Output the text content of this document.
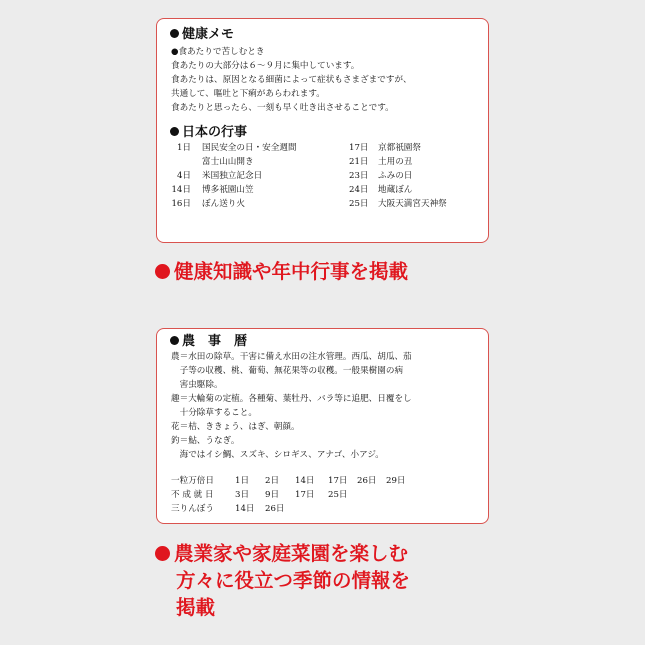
健康メモ
●食あたりで苦しむとき
食あたりの大部分は６～９月に集中しています。
食あたりは、原因となる細菌によって症状もさまざまですが、
共通して、嘔吐と下痢があらわれます。
食あたりと思ったら、一刻も早く吐き出させることです。
日本の行事
1日 国民安全の日・安全週間
富士山山開き
4日 米国独立記念日
14日 博多祇園山笠
16日 ぼん送り火
17日 京都祇園祭
21日 土用の丑
23日 ふみの日
24日 地蔵ぼん
25日 大阪天満宮天神祭
健康知識や年中行事を掲載
農　事　暦
農＝水田の除草。干害に備え水田の注水管理。西瓜、胡瓜、茄
　子等の収穫、桃、葡萄、無花果等の収穫。一般果樹園の病
　害虫駆除。
趣＝大輪菊の定植。各種菊、葉牡丹、バラ等に追肥、日覆をし
　十分除草すること。
花＝桔、ききょう、はぎ、朝顔。
釣＝鮎、うなぎ。
　海ではイシ鯛、スズキ、シロギス、アナゴ、小アジ。
一粒万倍日 1日 2日 14日 17日 26日 29日
不 成 就 日 3日 9日 17日 25日
三りんぼう 14日 26日
農業家や家庭菜園を楽しむ
方々に役立つ季節の情報を
掲載
